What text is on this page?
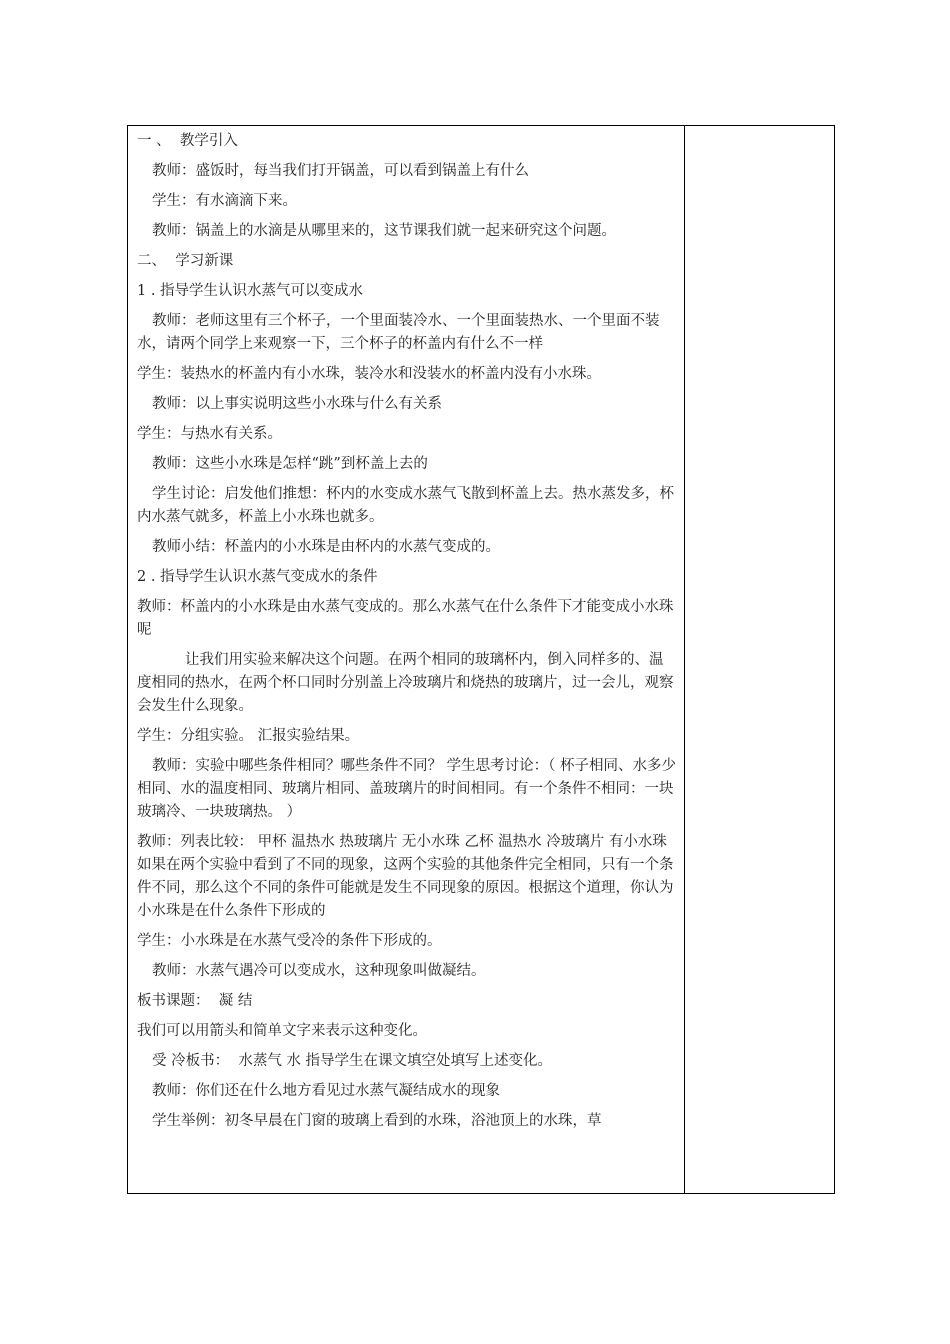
一 、  教学引入

教师：盛饭时，每当我们打开锅盖，可以看到锅盖上有什么

学生：有水滴滴下来。

教师：锅盖上的水滴是从哪里来的，这节课我们就一起来研究这个问题。

二、  学习新课

1 . 指导学生认识水蒸气可以变成水

教师：老师这里有三个杯子，一个里面装冷水、一个里面装热水、一个里面不装水，请两个同学上来观察一下，三个杯子的杯盖内有什么不一样

学生：装热水的杯盖内有小水珠，装冷水和没装水的杯盖内没有小水珠。

教师：以上事实说明这些小水珠与什么有关系

学生：与热水有关系。

教师：这些小水珠是怎样“跳”到杯盖上去的

学生讨论：启发他们推想：杯内的水变成水蒸气飞散到杯盖上去。热水蒸发多，杯内水蒸气就多，杯盖上小水珠也就多。

教师小结：杯盖内的小水珠是由杯内的水蒸气变成的。

2 . 指导学生认识水蒸气变成水的条件

教师：杯盖内的小水珠是由水蒸气变成的。那么水蒸气在什么条件下才能变成小水珠呢

让我们用实验来解决这个问题。在两个相同的玻璃杯内，倒入同样多的、温度相同的热水，在两个杯口同时分别盖上冷玻璃片和烧热的玻璃片，过一会儿，观察会发生什么现象。

学生：分组实验。 汇报实验结果。

教师：实验中哪些条件相同？哪些条件不同？ 学生思考讨论：（ 杯子相同、水多少相同、水的温度相同、玻璃片相同、盖玻璃片的时间相同。有一个条件不相同：一块玻璃冷、一块玻璃热。 ）

教师：列表比较： 甲杯 温热水 热玻璃片 无小水珠 乙杯 温热水 冷玻璃片 有小水珠如果在两个实验中看到了不同的现象，这两个实验的其他条件完全相同，只有一个条件不同，那么这个不同的条件可能就是发生不同现象的原因。根据这个道理，你认为小水珠是在什么条件下形成的

学生：小水珠是在水蒸气受冷的条件下形成的。

教师：水蒸气遇冷可以变成水，这种现象叫做凝结。

板书课题：  凝 结

我们可以用箭头和简单文字来表示这种变化。

受 冷板书：  水蒸气 水 指导学生在课文填空处填写上述变化。

教师：你们还在什么地方看见过水蒸气凝结成水的现象

学生举例：初冬早晨在门窗的玻璃上看到的水珠，浴池顶上的水珠，草
